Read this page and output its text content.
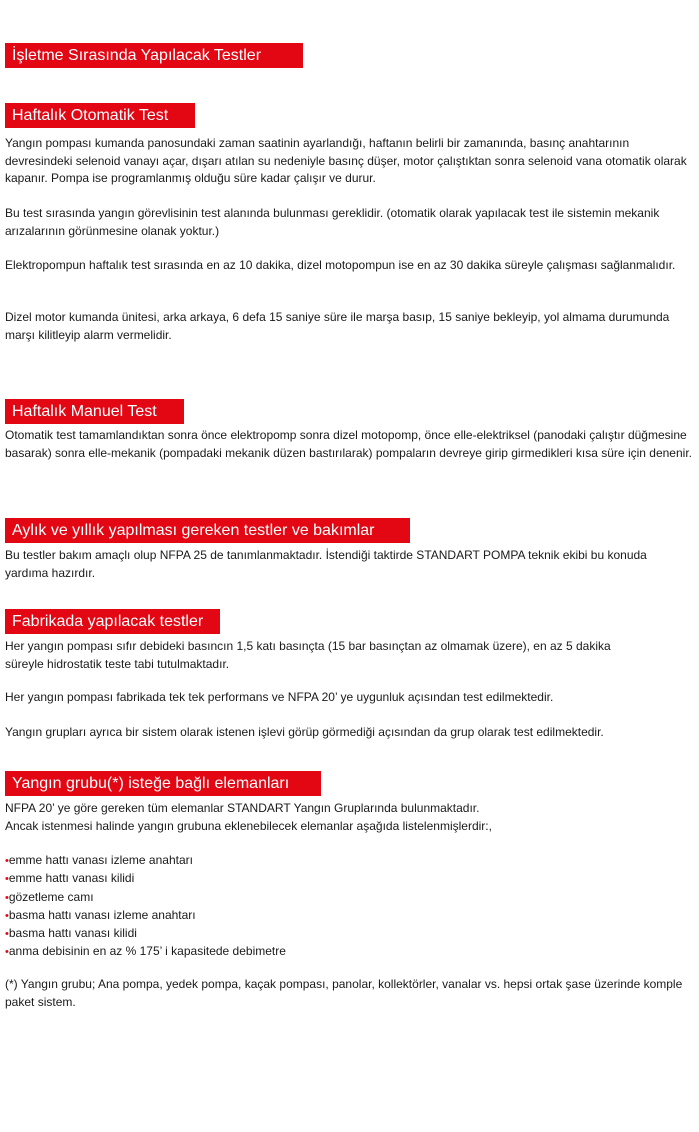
İşletme Sırasında Yapılacak Testler
Haftalık Otomatik Test

Yangın pompası kumanda panosundaki zaman saatinin ayarlandığı, haftanın belirli bir zamanında, basınç anahtarının devresindeki selenoid vanayı açar, dışarı atılan su nedeniyle basınç düşer, motor çalıştıktan sonra selenoid vana otomatik olarak kapanır. Pompa ise programlanmış olduğu süre kadar çalışır ve durur.

Bu test sırasında yangın görevlisinin test alanında bulunması gereklidir. (otomatik olarak yapılacak test ile sistemin mekanik arızalarının görünmesine olanak yoktur.)

Elektropompun haftalık test sırasında en az 10 dakika, dizel motopompun ise en az 30 dakika süreyle çalışması sağlanmalıdır.

Dizel motor kumanda ünitesi, arka arkaya, 6 defa 15 saniye süre ile marşa basıp, 15 saniye bekleyip, yol almama durumunda marşı kilitleyip alarm vermelidir.

Haftalık Manuel Test

Otomatik test tamamlandıktan sonra önce elektropomp sonra dizel motopomp, önce elle-elektriksel (panodaki çalıştır düğmesine basarak) sonra elle-mekanik (pompadaki mekanik düzen bastırılarak) pompaların devreye girip girmedikleri kısa süre için denenir.

Aylık ve yıllık yapılması gereken testler ve bakımlar

Bu testler bakım amaçlı olup NFPA 25 de tanımlanmaktadır. İstendiği taktirde STANDART POMPA teknik ekibi bu konuda yardıma hazırdır.

Fabrikada yapılacak testler

Her yangın pompası sıfır debideki basıncın 1,5 katı basınçta (15 bar basınçtan az olmamak üzere), en az 5 dakika süreyle hidrostatik teste tabi tutulmaktadır.

Her yangın pompası fabrikada tek tek performans ve NFPA 20’ ye uygunluk açısından test edilmektedir.

Yangın grupları ayrıca bir sistem olarak istenen işlevi görüp görmediği açısından da grup olarak test edilmektedir.

Yangın grubu(*) isteğe bağlı elemanları

NFPA 20’ ye göre gereken tüm elemanlar STANDART Yangın Gruplarında bulunmaktadır.

Ancak istenmesi halinde yangın grubuna eklenebilecek elemanlar aşağıda listelenmişlerdir:,

•emme hattı vanası izleme anahtarı
•emme hattı vanası kilidi
•gözetleme camı
•basma hattı vanası izleme anahtarı
•basma hattı vanası kilidi
•anma debisinin en az % 175’ i kapasitede debimetre

(*) Yangın grubu; Ana pompa, yedek pompa, kaçak pompası, panolar, kollektörler, vanalar vs. hepsi ortak şase üzerinde komple paket sistem.
